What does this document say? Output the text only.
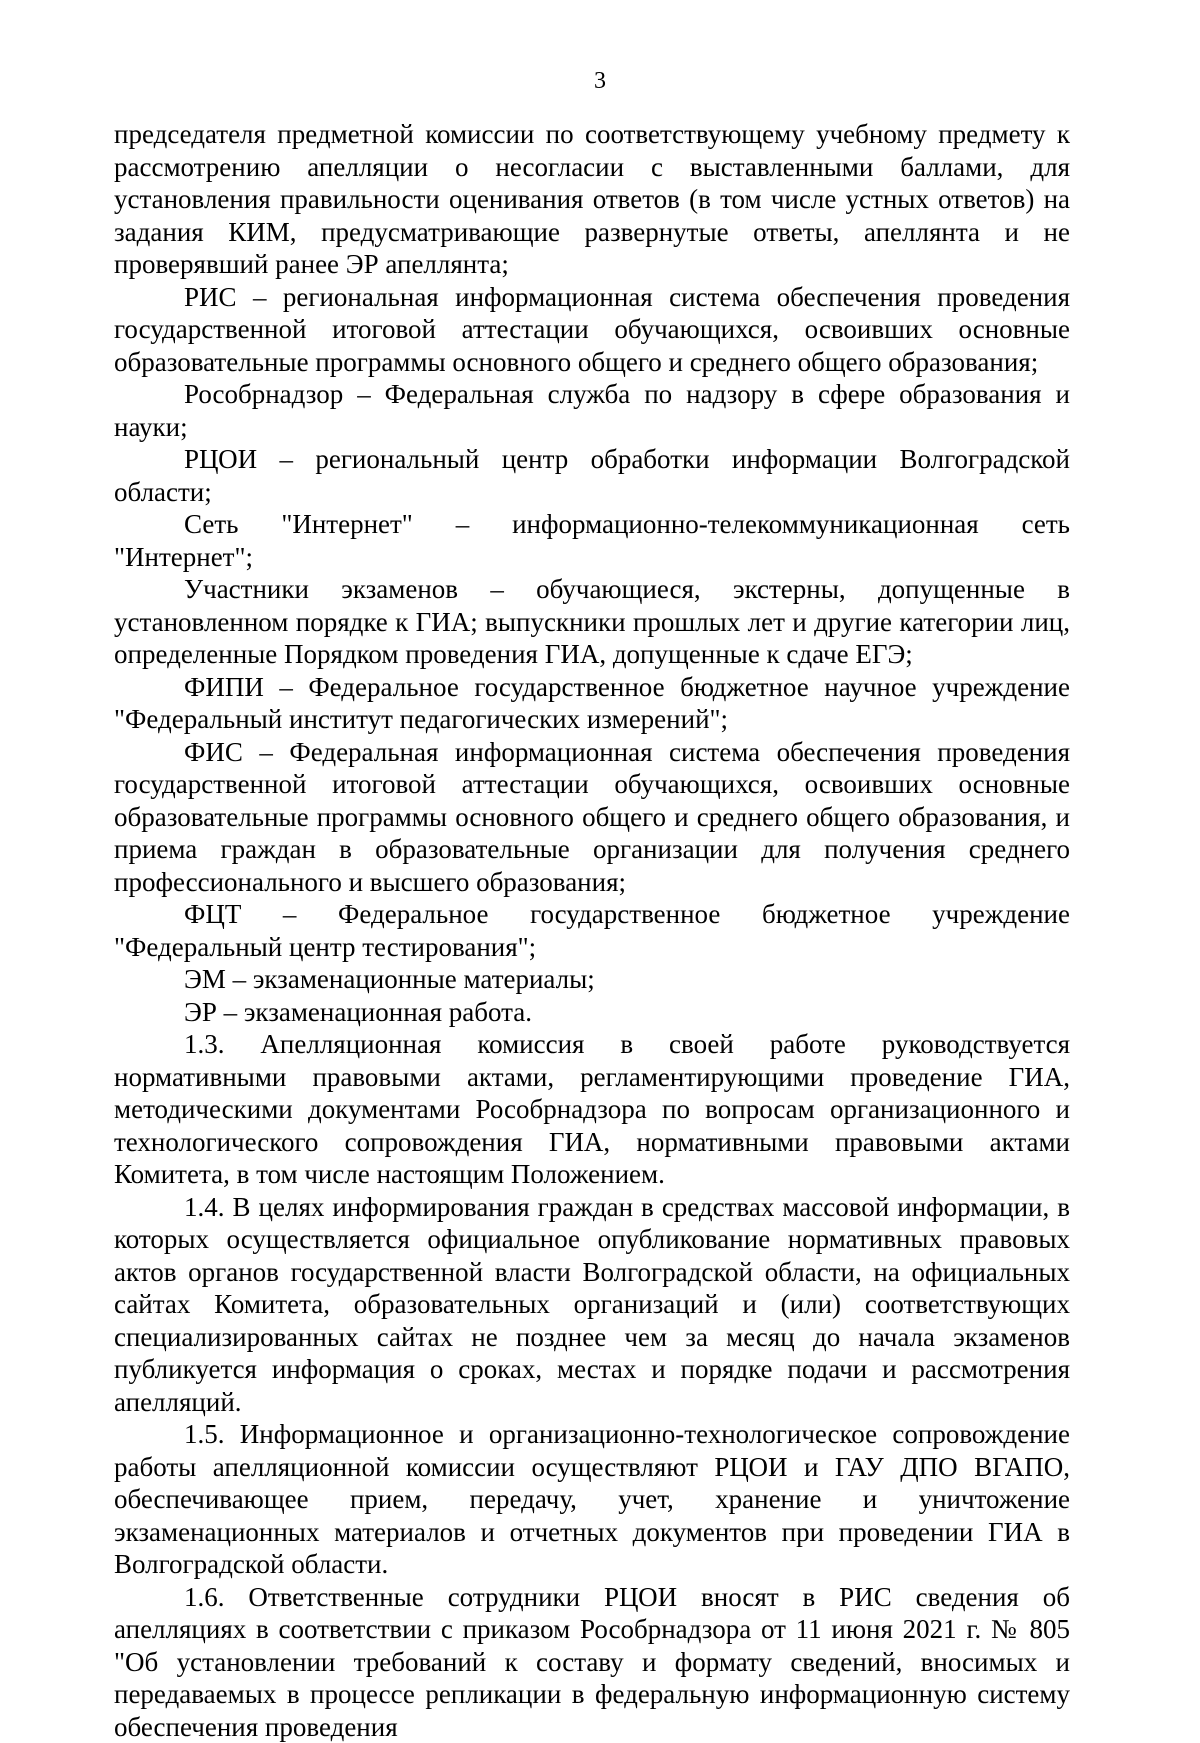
3

председателя предметной комиссии по соответствующему учебному предмету к рассмотрению апелляции о несогласии с выставленными баллами, для установления правильности оценивания ответов (в том числе устных ответов) на задания КИМ, предусматривающие развернутые ответы, апеллянта и не проверявший ранее ЭР апеллянта;

РИС – региональная информационная система обеспечения проведения государственной итоговой аттестации обучающихся, освоивших основные образовательные программы основного общего и среднего общего образования;

Рособрнадзор – Федеральная служба по надзору в сфере образования и науки;

РЦОИ – региональный центр обработки информации Волгоградской области;

Сеть "Интернет" – информационно-телекоммуникационная сеть "Интернет";

Участники экзаменов – обучающиеся, экстерны, допущенные в установленном порядке к ГИА; выпускники прошлых лет и другие категории лиц, определенные Порядком проведения ГИА, допущенные к сдаче ЕГЭ;

ФИПИ – Федеральное государственное бюджетное научное учреждение "Федеральный институт педагогических измерений";

ФИС – Федеральная информационная система обеспечения проведения государственной итоговой аттестации обучающихся, освоивших основные образовательные программы основного общего и среднего общего образования, и приема граждан в образовательные организации для получения среднего профессионального и высшего образования;

ФЦТ – Федеральное государственное бюджетное учреждение "Федеральный центр тестирования";

ЭМ – экзаменационные материалы;

ЭР – экзаменационная работа.

1.3. Апелляционная комиссия в своей работе руководствуется нормативными правовыми актами, регламентирующими проведение ГИА, методическими документами Рособрнадзора по вопросам организационного и технологического сопровождения ГИА, нормативными правовыми актами Комитета, в том числе настоящим Положением.

1.4. В целях информирования граждан в средствах массовой информации, в которых осуществляется официальное опубликование нормативных правовых актов органов государственной власти Волгоградской области, на официальных сайтах Комитета, образовательных организаций и (или) соответствующих специализированных сайтах не позднее чем за месяц до начала экзаменов публикуется информация о сроках, местах и порядке подачи и рассмотрения апелляций.

1.5. Информационное и организационно-технологическое сопровождение работы апелляционной комиссии осуществляют РЦОИ и ГАУ ДПО ВГАПО, обеспечивающее прием, передачу, учет, хранение и уничтожение экзаменационных материалов и отчетных документов при проведении ГИА в Волгоградской области.

1.6. Ответственные сотрудники РЦОИ вносят в РИС сведения об апелляциях в соответствии с приказом Рособрнадзора от 11 июня 2021 г. № 805 "Об установлении требований к составу и формату сведений, вносимых и передаваемых в процессе репликации в федеральную информационную систему обеспечения проведения
